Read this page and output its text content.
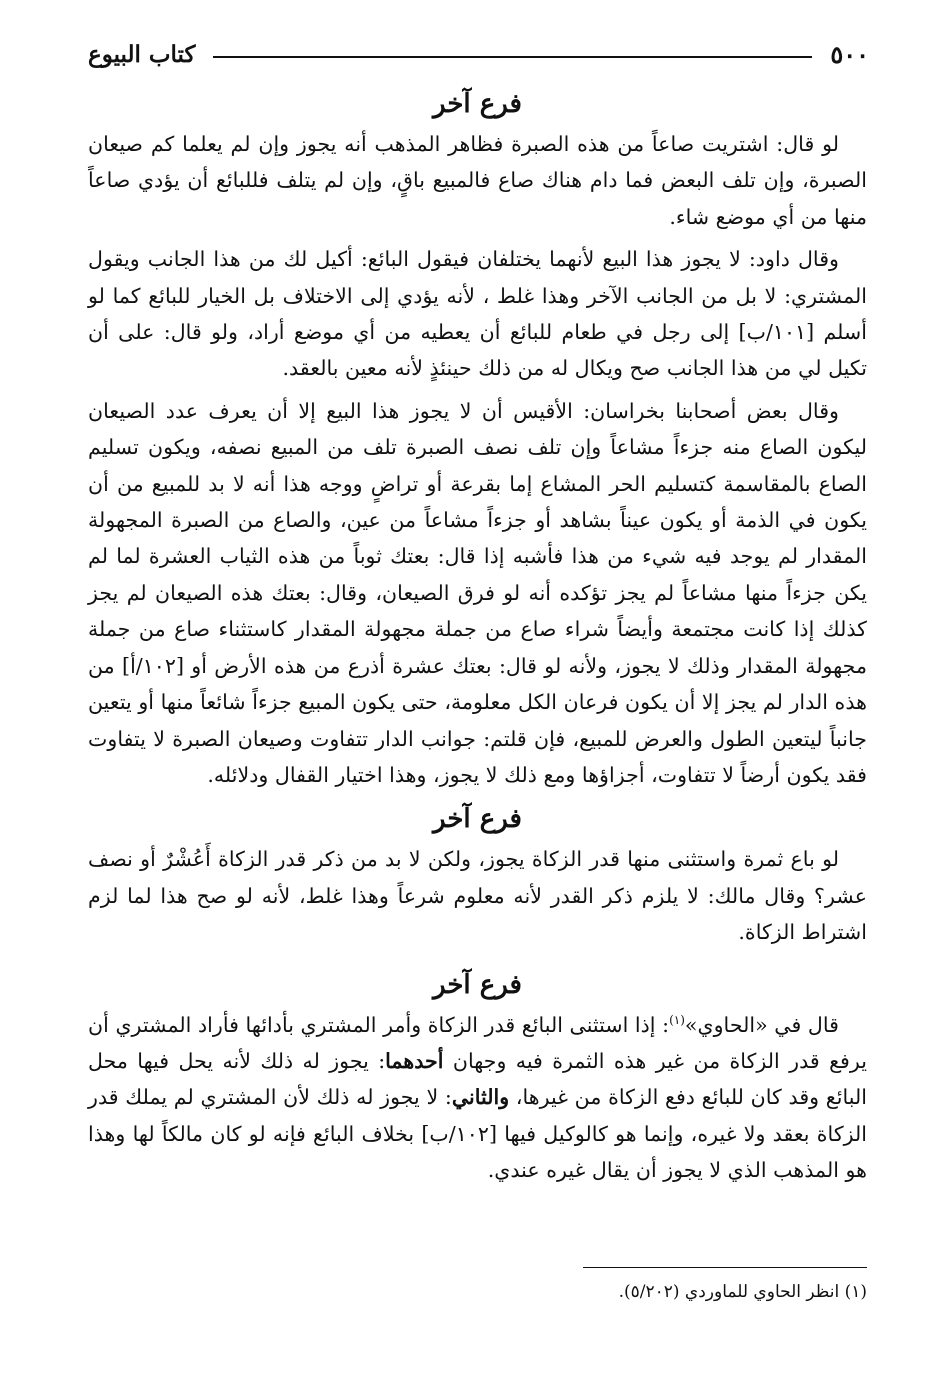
٥٠٠
كتاب البيوع
فرع آخر

لو قال: اشتريت صاعاً من هذه الصبرة فظاهر المذهب أنه يجوز وإن لم يعلما كم صيعان الصبرة، وإن تلف البعض فما دام هناك صاع فالمبيع باقٍ، وإن لم يتلف فللبائع أن يؤدي صاعاً منها من أي موضع شاء.

وقال داود: لا يجوز هذا البيع لأنهما يختلفان فيقول البائع: أكيل لك من هذا الجانب ويقول المشتري: لا بل من الجانب الآخر وهذا غلط ، لأنه يؤدي إلى الاختلاف بل الخيار للبائع كما لو أسلم [١٠١/ب] إلى رجل في طعام للبائع أن يعطيه من أي موضع أراد، ولو قال: على أن تكيل لي من هذا الجانب صح ويكال له من ذلك حينئذٍ لأنه معين بالعقد.

وقال بعض أصحابنا بخراسان: الأقيس أن لا يجوز هذا البيع إلا أن يعرف عدد الصيعان ليكون الصاع منه جزءاً مشاعاً وإن تلف نصف الصبرة تلف من المبيع نصفه، ويكون تسليم الصاع بالمقاسمة كتسليم الحر المشاع إما بقرعة أو تراضٍ ووجه هذا أنه لا بد للمبيع من أن يكون في الذمة أو يكون عيناً بشاهد أو جزءاً مشاعاً من عين، والصاع من الصبرة المجهولة المقدار لم يوجد فيه شيء من هذا فأشبه إذا قال: بعتك ثوباً من هذه الثياب العشرة لما لم يكن جزءاً منها مشاعاً لم يجز تؤكده أنه لو فرق الصيعان، وقال: بعتك هذه الصيعان لم يجز كذلك إذا كانت مجتمعة وأيضاً شراء صاع من جملة مجهولة المقدار كاستثناء صاع من جملة مجهولة المقدار وذلك لا يجوز، ولأنه لو قال: بعتك عشرة أذرع من هذه الأرض أو [١٠٢/أ] من هذه الدار لم يجز إلا أن يكون فرعان الكل معلومة، حتى يكون المبيع جزءاً شائعاً منها أو يتعين جانباً ليتعين الطول والعرض للمبيع، فإن قلتم: جوانب الدار تتفاوت وصيعان الصبرة لا يتفاوت فقد يكون أرضاً لا تتفاوت، أجزاؤها ومع ذلك لا يجوز، وهذا اختيار القفال ودلائله.

فرع آخر

لو باع ثمرة واستثنى منها قدر الزكاة يجوز، ولكن لا بد من ذكر قدر الزكاة أَعُشْرٌ أو نصف عشر؟ وقال مالك: لا يلزم ذكر القدر لأنه معلوم شرعاً وهذا غلط، لأنه لو صح هذا لما لزم اشتراط الزكاة.

فرع آخر

قال في «الحاوي»$^{(١)}$: إذا استثنى البائع قدر الزكاة وأمر المشتري بأدائها فأراد المشتري أن يرفع قدر الزكاة من غير هذه الثمرة فيه وجهان أحدهما: يجوز له ذلك لأنه يحل فيها محل البائع وقد كان للبائع دفع الزكاة من غيرها، والثاني: لا يجوز له ذلك لأن المشتري لم يملك قدر الزكاة بعقد ولا غيره، وإنما هو كالوكيل فيها [١٠٢/ب] بخلاف البائع فإنه لو كان مالكاً لها وهذا هو المذهب الذي لا يجوز أن يقال غيره عندي.

(١) انظر الحاوي للماوردي (٥/٢٠٢).
